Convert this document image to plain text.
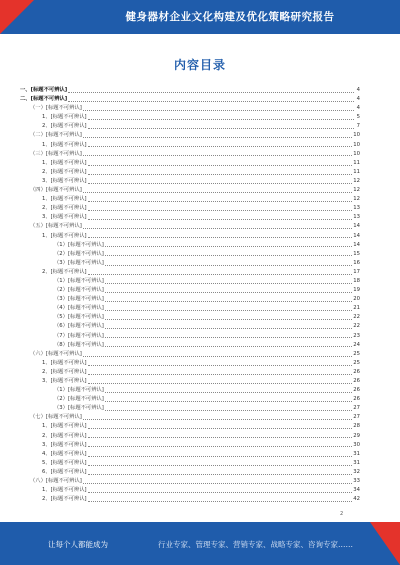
健身器材企业文化构建及优化策略研究报告
内容目录
一、[标题不可辨认]	4
二、[标题不可辨认]	4
（一）[标题不可辨认]	4
1、[标题不可辨认]	5
2、[标题不可辨认]	7
（二）[标题不可辨认]	10
1、[标题不可辨认]	10
（三）[标题不可辨认]	10
1、[标题不可辨认]	11
2、[标题不可辨认]	11
3、[标题不可辨认]	12
（四）[标题不可辨认]	12
1、[标题不可辨认]	12
2、[标题不可辨认]	13
3、[标题不可辨认]	13
（五）[标题不可辨认]	14
1、[标题不可辨认]	14
（1）[标题不可辨认]	14
（2）[标题不可辨认]	15
（3）[标题不可辨认]	16
2、[标题不可辨认]	17
（1）[标题不可辨认]	18
（2）[标题不可辨认]	19
（3）[标题不可辨认]	20
（4）[标题不可辨认]	21
（5）[标题不可辨认]	22
（6）[标题不可辨认]	22
（7）[标题不可辨认]	23
（8）[标题不可辨认]	24
（六）[标题不可辨认]	25
1、[标题不可辨认]	25
2、[标题不可辨认]	26
3、[标题不可辨认]	26
（1）[标题不可辨认]	26
（2）[标题不可辨认]	26
（3）[标题不可辨认]	27
（七）[标题不可辨认]	27
1、[标题不可辨认]	28
2、[标题不可辨认]	29
3、[标题不可辨认]	30
4、[标题不可辨认]	31
5、[标题不可辨认]	31
6、[标题不可辨认]	32
（八）[标题不可辨认]	33
1、[标题不可辨认]	34
2、[标题不可辨认]	42
2
让每个人都能成为	行业专家、管理专家、营销专家、战略专家、咨询专家……
